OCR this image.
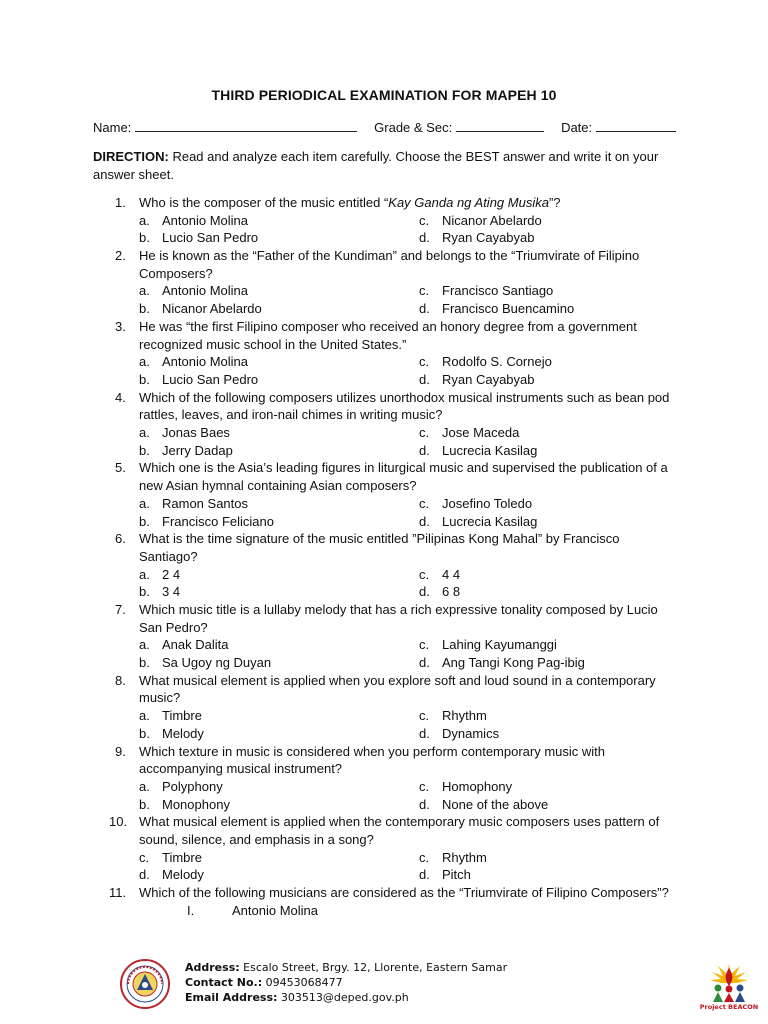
THIRD PERIODICAL EXAMINATION FOR MAPEH 10
Name:	Grade & Sec:	Date:
DIRECTION: Read and analyze each item carefully. Choose the BEST answer and write it on your answer sheet.
1.	Who is the composer of the music entitled “Kay Ganda ng Ating Musika”?
a. Antonio Molina	c. Nicanor Abelardo
b. Lucio San Pedro	d. Ryan Cayabyab
2.	He is known as the “Father of the Kundiman” and belongs to the “Triumvirate of Filipino Composers?
a. Antonio Molina	c. Francisco Santiago
b. Nicanor Abelardo	d. Francisco Buencamino
3.	He was “the first Filipino composer who received an honory degree from a government recognized music school in the United States.”
a. Antonio Molina	c. Rodolfo S. Cornejo
b. Lucio San Pedro	d. Ryan Cayabyab
4.	Which of the following composers utilizes unorthodox musical instruments such as bean pod rattles, leaves, and iron-nail chimes in writing music?
a. Jonas Baes	c. Jose Maceda
b. Jerry Dadap	d. Lucrecia Kasilag
5.	Which one is the Asia’s leading figures in liturgical music and supervised the publication of a new Asian hymnal containing Asian composers?
a. Ramon Santos	c. Josefino Toledo
b. Francisco Feliciano	d. Lucrecia Kasilag
6.	What is the time signature of the music entitled ”Pilipinas Kong Mahal” by Francisco Santiago?
a. 2 4	c. 4 4
b. 3 4	d. 6 8
7.	Which music title is a lullaby melody that has a rich expressive tonality composed by Lucio San Pedro?
a. Anak Dalita	c. Lahing Kayumanggi
b. Sa Ugoy ng Duyan	d. Ang Tangi Kong Pag-ibig
8.	What musical element is applied when you explore soft and loud sound in a contemporary music?
a. Timbre	c. Rhythm
b. Melody	d. Dynamics
9.	Which texture in music is considered when you perform contemporary music with accompanying musical instrument?
a. Polyphony	c. Homophony
b. Monophony	d. None of the above
10. What musical element is applied when the contemporary music composers uses pattern of sound, silence, and emphasis in a song?
c. Timbre	c. Rhythm
d. Melody	d. Pitch
11. Which of the following musicians are considered as the “Triumvirate of Filipino Composers”?
I.	Antonio Molina
Address: Escalo Street, Brgy. 12, Llorente, Eastern Samar
Contact No.: 09453068477
Email Address: 303513@deped.gov.ph
Project BEACON
